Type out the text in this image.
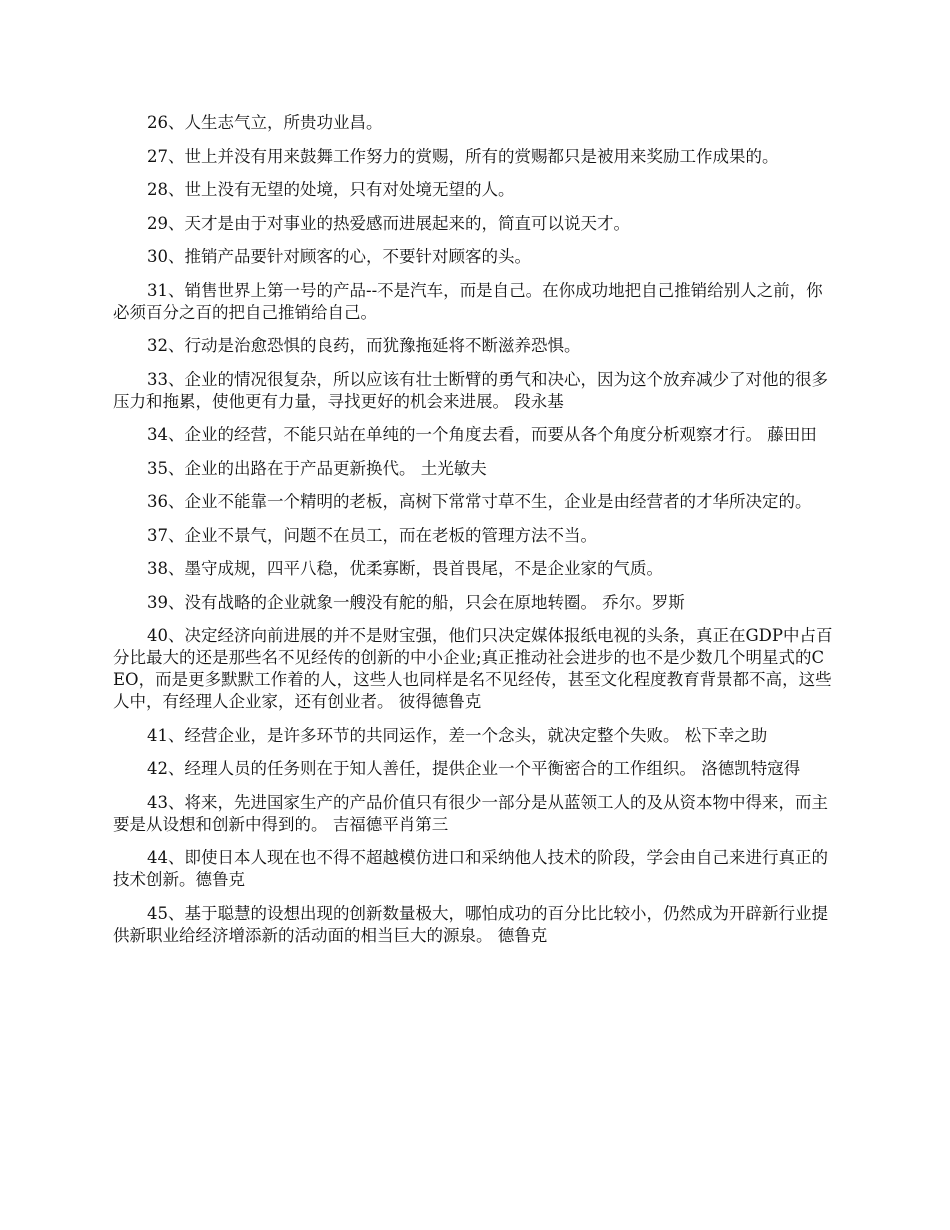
26、人生志气立，所贵功业昌。

27、世上并没有用来鼓舞工作努力的赏赐，所有的赏赐都只是被用来奖励工作成果的。

28、世上没有无望的处境，只有对处境无望的人。

29、天才是由于对事业的热爱感而进展起来的，简直可以说天才。

30、推销产品要针对顾客的心，不要针对顾客的头。

31、销售世界上第一号的产品--不是汽车，而是自己。在你成功地把自己推销给别人之前，你必须百分之百的把自己推销给自己。

32、行动是治愈恐惧的良药，而犹豫拖延将不断滋养恐惧。

33、企业的情况很复杂，所以应该有壮士断臂的勇气和决心，因为这个放弃减少了对他的很多压力和拖累，使他更有力量，寻找更好的机会来进展。 段永基

34、企业的经营，不能只站在单纯的一个角度去看，而要从各个角度分析观察才行。 藤田田

35、企业的出路在于产品更新换代。 土光敏夫

36、企业不能靠一个精明的老板，高树下常常寸草不生，企业是由经营者的才华所决定的。

37、企业不景气，问题不在员工，而在老板的管理方法不当。

38、墨守成规，四平八稳，优柔寡断，畏首畏尾，不是企业家的气质。

39、没有战略的企业就象一艘没有舵的船，只会在原地转圈。 乔尔。罗斯

40、决定经济向前进展的并不是财宝强，他们只决定媒体报纸电视的头条，真正在GDP中占百分比最大的还是那些名不见经传的创新的中小企业;真正推动社会进步的也不是少数几个明星式的CEO，而是更多默默工作着的人，这些人也同样是名不见经传，甚至文化程度教育背景都不高，这些人中，有经理人企业家，还有创业者。 彼得德鲁克

41、经营企业，是许多环节的共同运作，差一个念头，就决定整个失败。 松下幸之助

42、经理人员的任务则在于知人善任，提供企业一个平衡密合的工作组织。 洛德凯特寇得

43、将来，先进国家生产的产品价值只有很少一部分是从蓝领工人的及从资本物中得来，而主要是从设想和创新中得到的。 吉福德平肖第三

44、即使日本人现在也不得不超越模仿进口和采纳他人技术的阶段，学会由自己来进行真正的技术创新。德鲁克

45、基于聪慧的设想出现的创新数量极大，哪怕成功的百分比比较小，仍然成为开辟新行业提供新职业给经济增添新的活动面的相当巨大的源泉。 德鲁克
